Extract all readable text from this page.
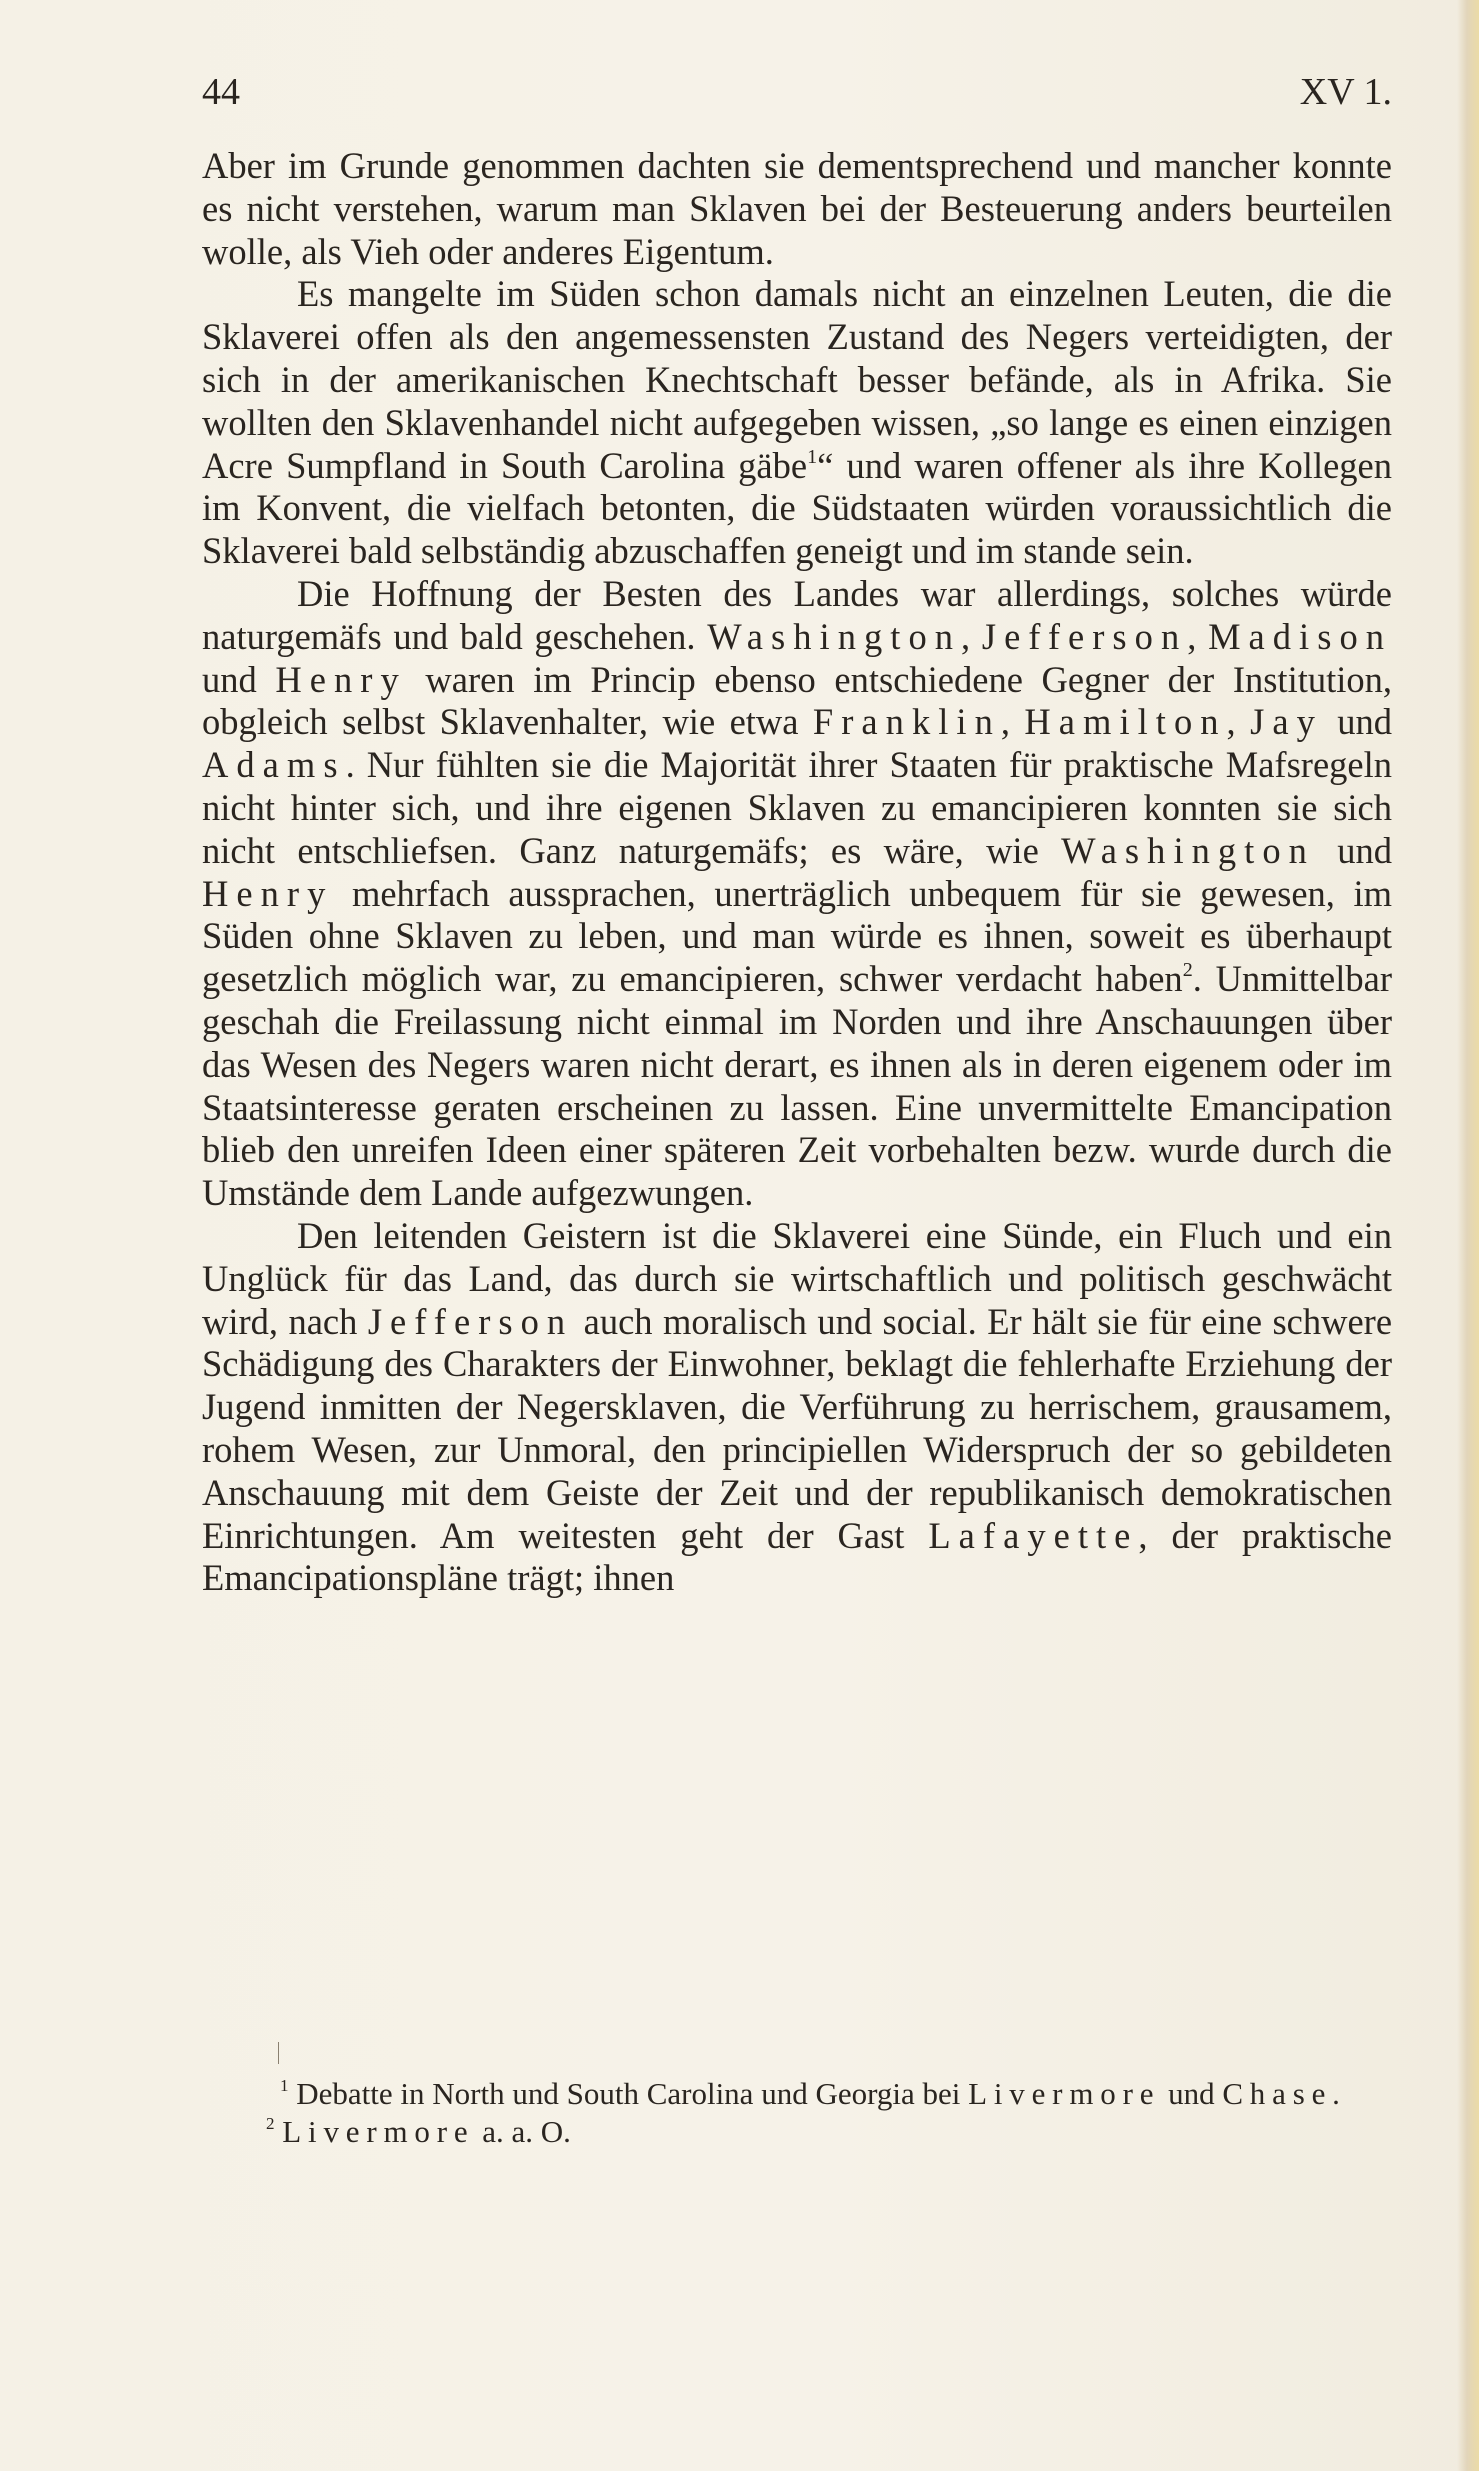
44	XV 1.

Aber im Grunde genommen dachten sie dementsprechend und mancher konnte es nicht verstehen, warum man Sklaven bei der Besteuerung anders beurteilen wolle, als Vieh oder anderes Eigentum.

Es mangelte im Süden schon damals nicht an einzelnen Leuten, die die Sklaverei offen als den angemessensten Zustand des Negers verteidigten, der sich in der amerikanischen Knechtschaft besser befände, als in Afrika. Sie wollten den Sklavenhandel nicht aufgegeben wissen, „so lange es einen einzigen Acre Sumpfland in South Carolina gäbe$^1$“ und waren offener als ihre Kollegen im Konvent, die vielfach betonten, die Südstaaten würden voraussichtlich die Sklaverei bald selbständig abzuschaffen geneigt und im stande sein.

Die Hoffnung der Besten des Landes war allerdings, solches würde naturgemäfs und bald geschehen. Washington, Jefferson, Madison und Henry waren im Princip ebenso entschiedene Gegner der Institution, obgleich selbst Sklavenhalter, wie etwa Franklin, Hamilton, Jay und Adams. Nur fühlten sie die Majorität ihrer Staaten für praktische Mafsregeln nicht hinter sich, und ihre eigenen Sklaven zu emancipieren konnten sie sich nicht entschliefsen. Ganz naturgemäfs; es wäre, wie Washington und Henry mehrfach aussprachen, unerträglich unbequem für sie gewesen, im Süden ohne Sklaven zu leben, und man würde es ihnen, soweit es überhaupt gesetzlich möglich war, zu emancipieren, schwer verdacht haben$^2$. Unmittelbar geschah die Freilassung nicht einmal im Norden und ihre Anschauungen über das Wesen des Negers waren nicht derart, es ihnen als in deren eigenem oder im Staatsinteresse geraten erscheinen zu lassen. Eine unvermittelte Emancipation blieb den unreifen Ideen einer späteren Zeit vorbehalten bezw. wurde durch die Umstände dem Lande aufgezwungen.

Den leitenden Geistern ist die Sklaverei eine Sünde, ein Fluch und ein Unglück für das Land, das durch sie wirtschaftlich und politisch geschwächt wird, nach Jefferson auch moralisch und social. Er hält sie für eine schwere Schädigung des Charakters der Einwohner, beklagt die fehlerhafte Erziehung der Jugend inmitten der Negersklaven, die Verführung zu herrischem, grausamem, rohem Wesen, zur Unmoral, den principiellen Widerspruch der so gebildeten Anschauung mit dem Geiste der Zeit und der republikanisch demokratischen Einrichtungen. Am weitesten geht der Gast Lafayette, der praktische Emancipationspläne trägt; ihnen

$^1$ Debatte in North und South Carolina und Georgia bei Livermore und Chase.

$^2$ Livermore a. a. O.
